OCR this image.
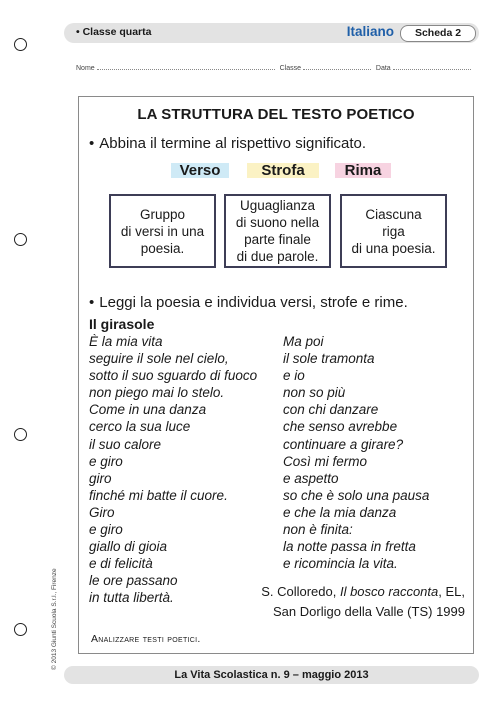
• Classe quarta	Italiano	Scheda 2
Nome	Classe	Data
LA STRUTTURA DEL TESTO POETICO
• Abbina il termine al rispettivo significato.
Verso	Strofa	Rima
Gruppo
di versi in una
poesia.
Uguaglianza
di suono nella
parte finale
di due parole.
Ciascuna
riga
di una poesia.
• Leggi la poesia e individua versi, strofe e rime.
Il girasole
È la mia vita
seguire il sole nel cielo,
sotto il suo sguardo di fuoco
non piego mai lo stelo.
Come in una danza
cerco la sua luce
il suo calore
e giro
giro
finché mi batte il cuore.
Giro
e giro
giallo di gioia
e di felicità
le ore passano
in tutta libertà.
Ma poi
il sole tramonta
e io
non so più
con chi danzare
che senso avrebbe
continuare a girare?
Così mi fermo
e aspetto
so che è solo una pausa
e che la mia danza
non è finita:
la notte passa in fretta
e ricomincia la vita.
S. Colloredo, Il bosco racconta, EL,
San Dorligo della Valle (TS) 1999
Analizzare testi poetici.
© 2013 Giunti Scuola S.r.l., Firenze
La Vita Scolastica n. 9 – maggio 2013
